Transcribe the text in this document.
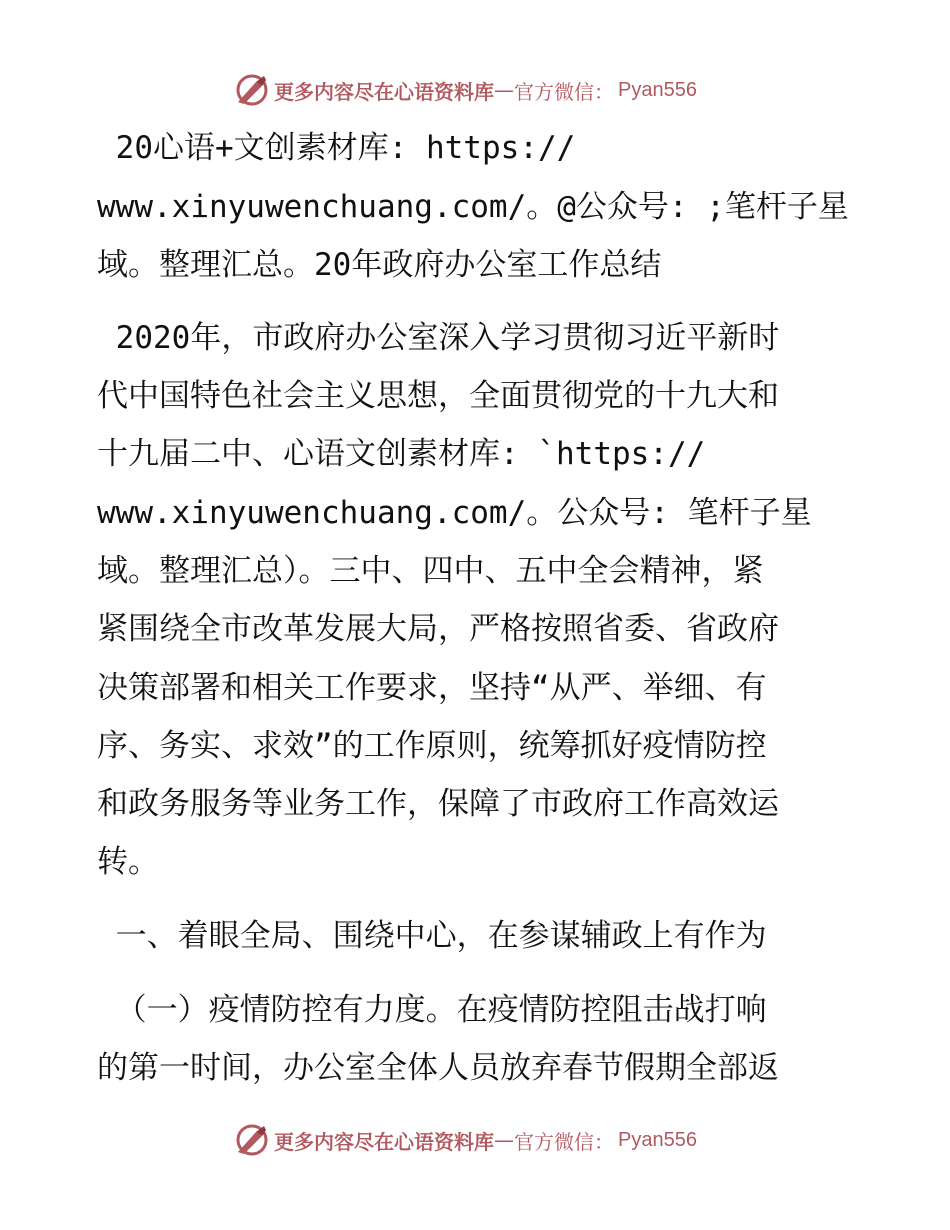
更多内容尽在心语资料库 — 官方微信 ： Pyan556
20心语+文创素材库: https://
www.xinyuwenchuang.com/。@公众号: ;笔杆子星
域。整理汇总。20年政府办公室工作总结
2020年，市政府办公室深入学习贯彻习近平新时
代中国特色社会主义思想，全面贯彻党的十九大和
十九届二中、心语文创素材库: `https://
www.xinyuwenchuang.com/。公众号: 笔杆子星
域。整理汇总）。三中、四中、五中全会精神，紧
紧围绕全市改革发展大局，严格按照省委、省政府
决策部署和相关工作要求，坚持“从严、举细、有
序、务实、求效”的工作原则，统筹抓好疫情防控
和政务服务等业务工作，保障了市政府工作高效运
转。
一、着眼全局、围绕中心，在参谋辅政上有作为
（一）疫情防控有力度。在疫情防控阻击战打响
的第一时间，办公室全体人员放弃春节假期全部返
更多内容尽在心语资料库 — 官方微信 ： Pyan556
